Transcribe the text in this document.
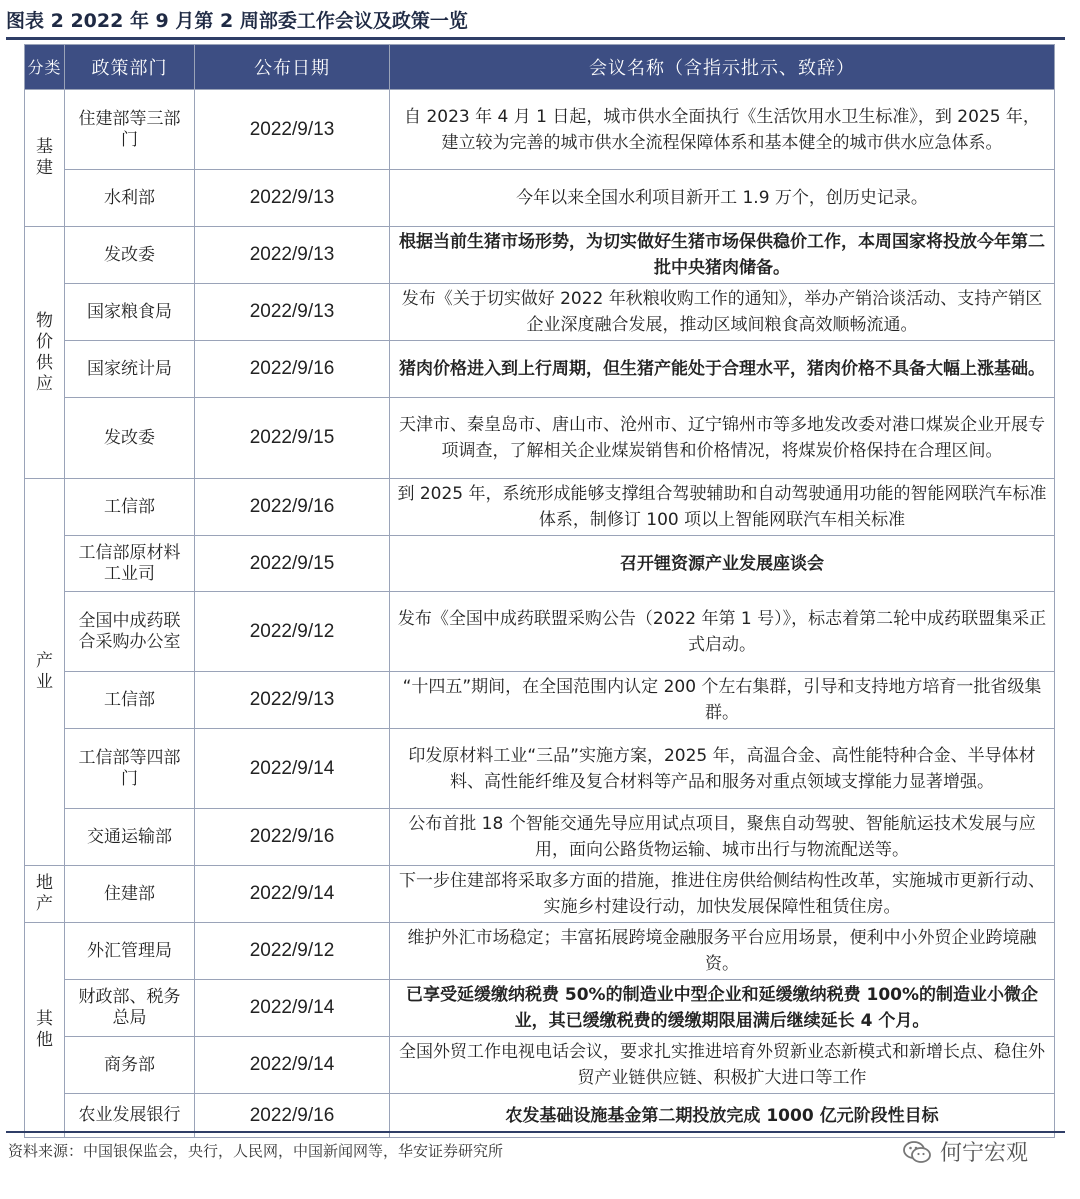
图表 2 2022 年 9 月第 2 周部委工作会议及政策一览
分类	政策部门	公布日期	会议名称（含指示批示、致辞）
基建	住建部等三部门	2022/9/13	自 2023 年 4 月 1 日起，城市供水全面执行《生活饮用水卫生标准》，到 2025 年，建立较为完善的城市供水全流程保障体系和基本健全的城市供水应急体系。
	水利部	2022/9/13	今年以来全国水利项目新开工 1.9 万个，创历史记录。
物价供应	发改委	2022/9/13	根据当前生猪市场形势，为切实做好生猪市场保供稳价工作，本周国家将投放今年第二批中央猪肉储备。
	国家粮食局	2022/9/13	发布《关于切实做好 2022 年秋粮收购工作的通知》，举办产销洽谈活动、支持产销区企业深度融合发展，推动区域间粮食高效顺畅流通。
	国家统计局	2022/9/16	猪肉价格进入到上行周期，但生猪产能处于合理水平，猪肉价格不具备大幅上涨基础。
	发改委	2022/9/15	天津市、秦皇岛市、唐山市、沧州市、辽宁锦州市等多地发改委对港口煤炭企业开展专项调查，了解相关企业煤炭销售和价格情况，将煤炭价格保持在合理区间。
产业	工信部	2022/9/16	到 2025 年，系统形成能够支撑组合驾驶辅助和自动驾驶通用功能的智能网联汽车标准体系，制修订 100 项以上智能网联汽车相关标准
	工信部原材料工业司	2022/9/15	召开锂资源产业发展座谈会
	全国中成药联合采购办公室	2022/9/12	发布《全国中成药联盟采购公告（2022 年第 1 号）》，标志着第二轮中成药联盟集采正式启动。
	工信部	2022/9/13	“十四五”期间，在全国范围内认定 200 个左右集群，引导和支持地方培育一批省级集群。
	工信部等四部门	2022/9/14	印发原材料工业“三品”实施方案，2025 年，高温合金、高性能特种合金、半导体材料、高性能纤维及复合材料等产品和服务对重点领域支撑能力显著增强。
	交通运输部	2022/9/16	公布首批 18 个智能交通先导应用试点项目，聚焦自动驾驶、智能航运技术发展与应用，面向公路货物运输、城市出行与物流配送等。
地产	住建部	2022/9/14	下一步住建部将采取多方面的措施，推进住房供给侧结构性改革，实施城市更新行动、实施乡村建设行动，加快发展保障性租赁住房。
其他	外汇管理局	2022/9/12	维护外汇市场稳定；丰富拓展跨境金融服务平台应用场景，便利中小外贸企业跨境融资。
	财政部、税务总局	2022/9/14	已享受延缓缴纳税费 50%的制造业中型企业和延缓缴纳税费 100%的制造业小微企业，其已缓缴税费的缓缴期限届满后继续延长 4 个月。
	商务部	2022/9/14	全国外贸工作电视电话会议，要求扎实推进培育外贸新业态新模式和新增长点、稳住外贸产业链供应链、积极扩大进口等工作
	农业发展银行	2022/9/16	农发基础设施基金第二期投放完成 1000 亿元阶段性目标
资料来源：中国银保监会，央行，人民网，中国新闻网等，华安证券研究所	何宁宏观
